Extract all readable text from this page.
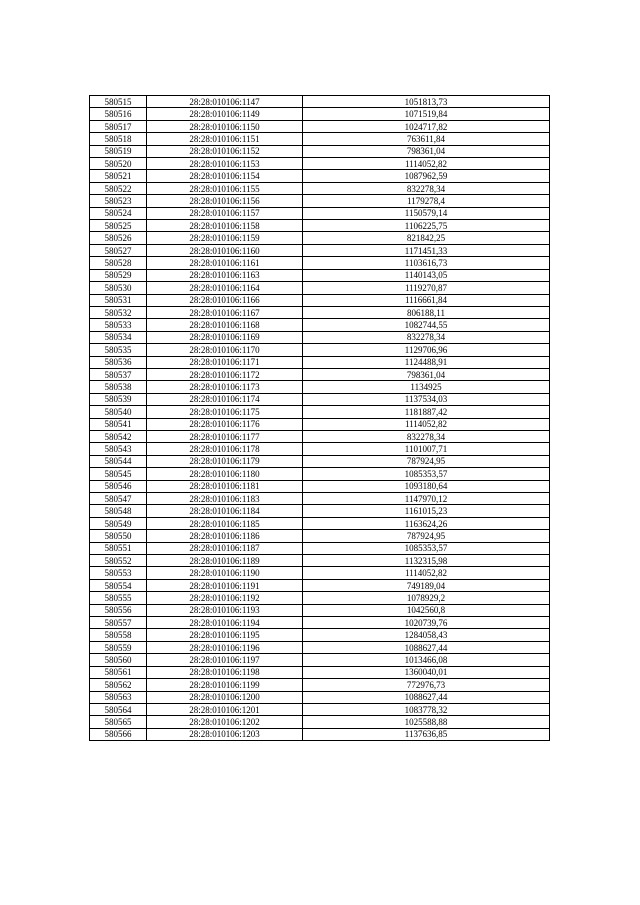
580515	28:28:010106:1147	1051813,73
580516	28:28:010106:1149	1071519,84
580517	28:28:010106:1150	1024717,82
580518	28:28:010106:1151	763611,84
580519	28:28:010106:1152	798361,04
580520	28:28:010106:1153	1114052,82
580521	28:28:010106:1154	1087962,59
580522	28:28:010106:1155	832278,34
580523	28:28:010106:1156	1179278,4
580524	28:28:010106:1157	1150579,14
580525	28:28:010106:1158	1106225,75
580526	28:28:010106:1159	821842,25
580527	28:28:010106:1160	1171451,33
580528	28:28:010106:1161	1103616,73
580529	28:28:010106:1163	1140143,05
580530	28:28:010106:1164	1119270,87
580531	28:28:010106:1166	1116661,84
580532	28:28:010106:1167	806188,11
580533	28:28:010106:1168	1082744,55
580534	28:28:010106:1169	832278,34
580535	28:28:010106:1170	1129706,96
580536	28:28:010106:1171	1124488,91
580537	28:28:010106:1172	798361,04
580538	28:28:010106:1173	1134925
580539	28:28:010106:1174	1137534,03
580540	28:28:010106:1175	1181887,42
580541	28:28:010106:1176	1114052,82
580542	28:28:010106:1177	832278,34
580543	28:28:010106:1178	1101007,71
580544	28:28:010106:1179	787924,95
580545	28:28:010106:1180	1085353,57
580546	28:28:010106:1181	1093180,64
580547	28:28:010106:1183	1147970,12
580548	28:28:010106:1184	1161015,23
580549	28:28:010106:1185	1163624,26
580550	28:28:010106:1186	787924,95
580551	28:28:010106:1187	1085353,57
580552	28:28:010106:1189	1132315,98
580553	28:28:010106:1190	1114052,82
580554	28:28:010106:1191	749189,04
580555	28:28:010106:1192	1078929,2
580556	28:28:010106:1193	1042560,8
580557	28:28:010106:1194	1020739,76
580558	28:28:010106:1195	1284058,43
580559	28:28:010106:1196	1088627,44
580560	28:28:010106:1197	1013466,08
580561	28:28:010106:1198	1360040,01
580562	28:28:010106:1199	772976,73
580563	28:28:010106:1200	1088627,44
580564	28:28:010106:1201	1083778,32
580565	28:28:010106:1202	1025588,88
580566	28:28:010106:1203	1137636,85
